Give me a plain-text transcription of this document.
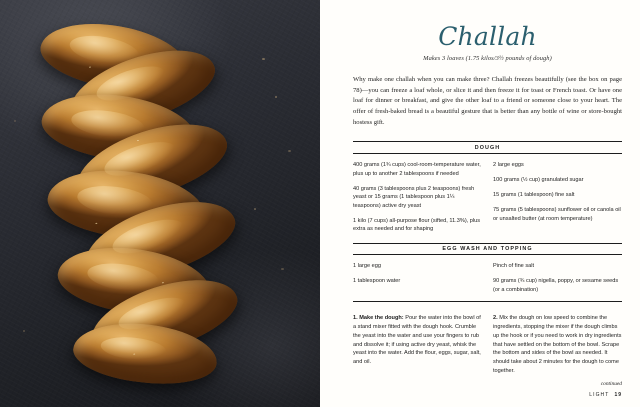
Challah
Makes 3 loaves (1.75 kilos/3½ pounds of dough)

Why make one challah when you can make three? Challah freezes beautifully (see the box on page 78)—you can freeze a loaf whole, or slice it and then freeze it for toast or French toast. Or have one loaf for dinner or breakfast, and give the other loaf to a friend or someone close to your heart. The offer of fresh-baked bread is a beautiful gesture that is better than any bottle of wine or store-bought hostess gift.

DOUGH

400 grams (1¾ cups) cool-room-temperature water, plus up to another 2 tablespoons if needed

40 grams (3 tablespoons plus 2 teaspoons) fresh yeast or 15 grams (1 tablespoon plus 1¼ teaspoons) active dry yeast

1 kilo (7 cups) all-purpose flour (sifted, 11.3%), plus extra as needed and for shaping

2 large eggs

100 grams (½ cup) granulated sugar

15 grams (1 tablespoon) fine salt

75 grams (5 tablespoons) sunflower oil or canola oil or unsalted butter (at room temperature)

EGG WASH AND TOPPING

1 large egg

1 tablespoon water

Pinch of fine salt

90 grams (¾ cup) nigella, poppy, or sesame seeds (or a combination)

1. Make the dough: Pour the water into the bowl of a stand mixer fitted with the dough hook. Crumble the yeast into the water and use your fingers to rub and dissolve it; if using active dry yeast, whisk the yeast into the water. Add the flour, eggs, sugar, salt, and oil.
2. Mix the dough on low speed to combine the ingredients, stopping the mixer if the dough climbs up the hook or if you need to work in dry ingredients that have settled on the bottom of the bowl. Scrape the bottom and sides of the bowl as needed. It should take about 2 minutes for the dough to come together.
continued
LIGHT 19
